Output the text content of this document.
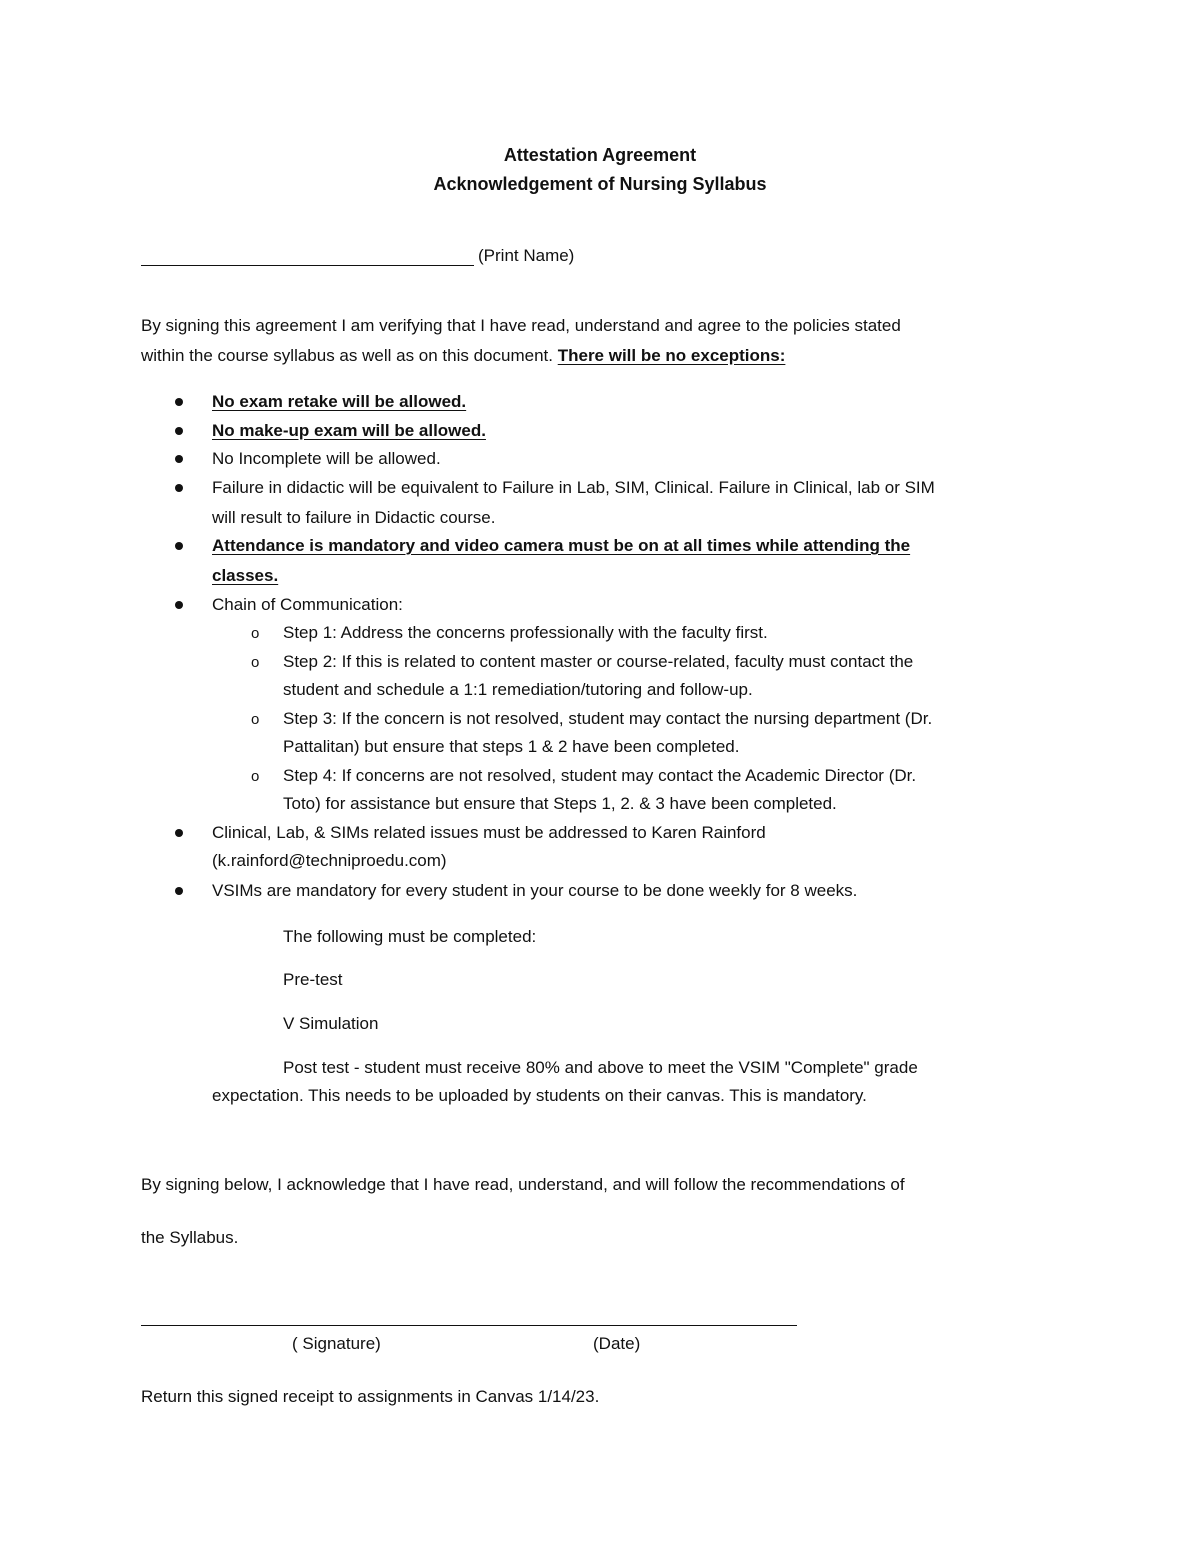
Attestation Agreement
Acknowledgement of Nursing Syllabus
(Print Name)
By signing this agreement I am verifying that I have read, understand and agree to the policies stated
within the course syllabus as well as on this document. There will be no exceptions:
No exam retake will be allowed.
No make-up exam will be allowed.
No Incomplete will be allowed.
Failure in didactic will be equivalent to Failure in Lab, SIM, Clinical. Failure in Clinical, lab or SIM
will result to failure in Didactic course.
Attendance is mandatory and video camera must be on at all times while attending the
classes.
Chain of Communication:
o Step 1: Address the concerns professionally with the faculty first.
o Step 2: If this is related to content master or course-related, faculty must contact the
student and schedule a 1:1 remediation/tutoring and follow-up.
o Step 3: If the concern is not resolved, student may contact the nursing department (Dr.
Pattalitan) but ensure that steps 1 & 2 have been completed.
o Step 4: If concerns are not resolved, student may contact the Academic Director (Dr.
Toto) for assistance but ensure that Steps 1, 2. & 3 have been completed.
Clinical, Lab, & SIMs related issues must be addressed to Karen Rainford
(k.rainford@techniproedu.com)
VSIMs are mandatory for every student in your course to be done weekly for 8 weeks.
The following must be completed:
Pre-test
V Simulation
Post test - student must receive 80% and above to meet the VSIM "Complete" grade
expectation. This needs to be uploaded by students on their canvas. This is mandatory.
By signing below, I acknowledge that I have read, understand, and will follow the recommendations of
the Syllabus.
( Signature)	(Date)
Return this signed receipt to assignments in Canvas 1/14/23.
